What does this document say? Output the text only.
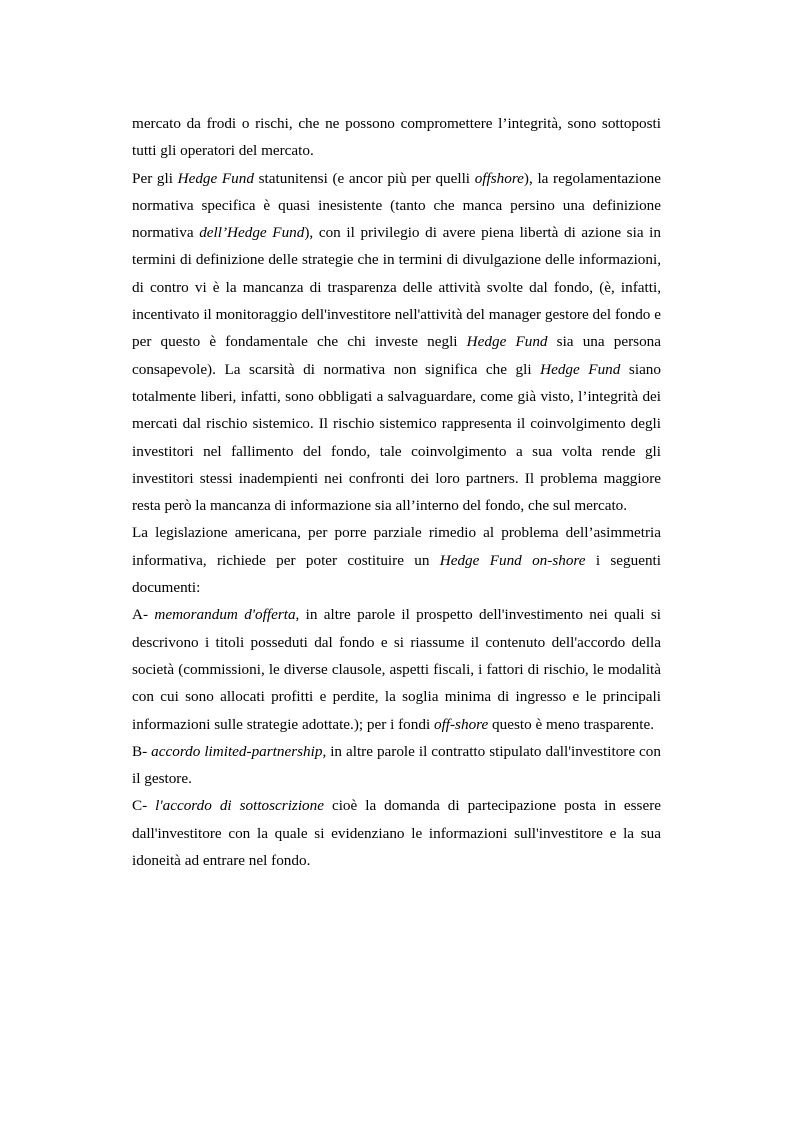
mercato da frodi o rischi, che ne possono compromettere l’integrità, sono sottoposti tutti gli operatori del mercato.

Per gli Hedge Fund statunitensi (e ancor più per quelli offshore), la regolamentazione normativa specifica è quasi inesistente (tanto che manca persino una definizione normativa dell’Hedge Fund), con il privilegio di avere piena libertà di azione sia in termini di definizione delle strategie che in termini di divulgazione delle informazioni, di contro vi è la mancanza di trasparenza delle attività svolte dal fondo, (è, infatti, incentivato il monitoraggio dell'investitore nell'attività del manager gestore del fondo e per questo è fondamentale che chi investe negli Hedge Fund sia una persona consapevole). La scarsità di normativa non significa che gli Hedge Fund siano totalmente liberi, infatti, sono obbligati a salvaguardare, come già visto, l’integrità dei mercati dal rischio sistemico. Il rischio sistemico rappresenta il coinvolgimento degli investitori nel fallimento del fondo, tale coinvolgimento a sua volta rende gli investitori stessi inadempienti nei confronti dei loro partners. Il problema maggiore resta però la mancanza di informazione sia all’interno del fondo, che sul mercato.

La legislazione americana, per porre parziale rimedio al problema dell’asimmetria informativa, richiede per poter costituire un Hedge Fund on-shore i seguenti documenti:

A- memorandum d'offerta, in altre parole il prospetto dell'investimento nei quali si descrivono i titoli posseduti dal fondo e si riassume il contenuto dell'accordo della società (commissioni, le diverse clausole, aspetti fiscali, i fattori di rischio, le modalità con cui sono allocati profitti e perdite, la soglia minima di ingresso e le principali informazioni sulle strategie adottate.); per i fondi off-shore questo è meno trasparente.

B- accordo limited-partnership, in altre parole il contratto stipulato dall'investitore con il gestore.

C- l'accordo di sottoscrizione cioè la domanda di partecipazione posta in essere dall'investitore con la quale si evidenziano le informazioni sull'investitore e la sua idoneità ad entrare nel fondo.
